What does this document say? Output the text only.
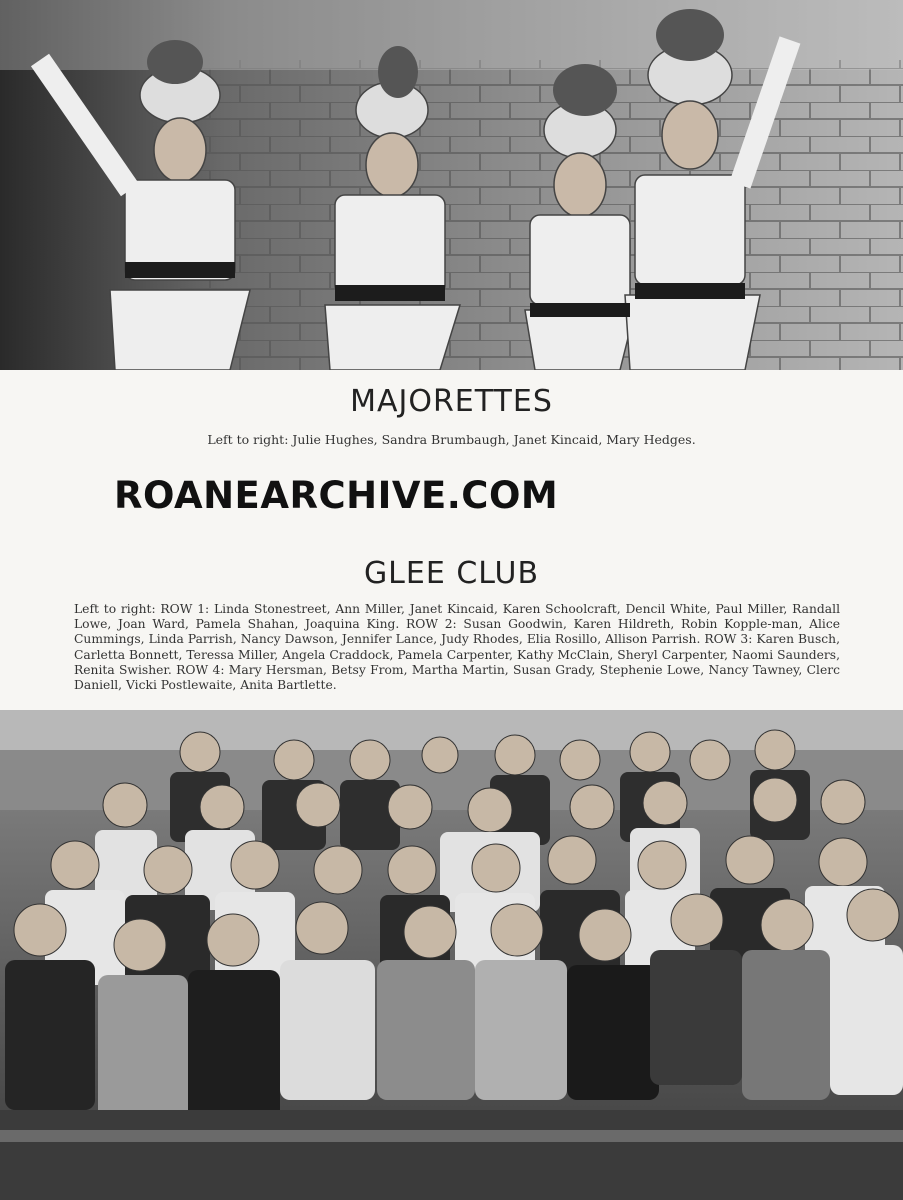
MAJORETTES
Left to right: Julie Hughes, Sandra Brumbaugh, Janet Kincaid, Mary Hedges.
ROANEARCHIVE.COM
GLEE CLUB
Left to right: ROW 1: Linda Stonestreet, Ann Miller, Janet Kincaid, Karen Schoolcraft, Dencil White, Paul Miller, Randall Lowe, Joan Ward, Pamela Shahan, Joaquina King. ROW 2: Susan Goodwin, Karen Hildreth, Robin Kopple-man, Alice Cummings, Linda Parrish, Nancy Dawson, Jennifer Lance, Judy Rhodes, Elia Rosillo, Allison Parrish. ROW 3: Karen Busch, Carletta Bonnett, Teressa Miller, Angela Craddock, Pamela Carpenter, Kathy McClain, Sheryl Carpenter, Naomi Saunders, Renita Swisher. ROW 4: Mary Hersman, Betsy From, Martha Martin, Susan Grady, Stephenie Lowe, Nancy Tawney, Clerc Daniell, Vicki Postlewaite, Anita Bartlette.
